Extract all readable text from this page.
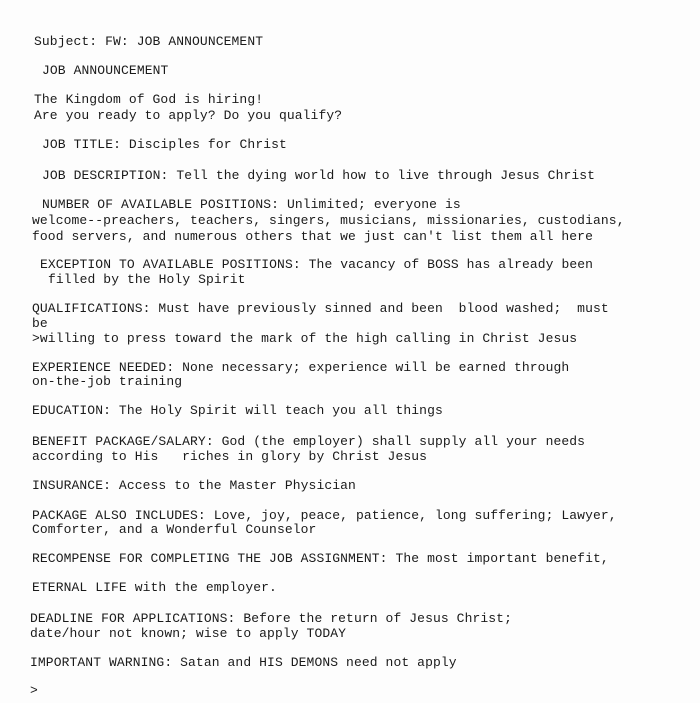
Subject: FW: JOB ANNOUNCEMENT
JOB ANNOUNCEMENT
The Kingdom of God is hiring!
Are you ready to apply? Do you qualify?
JOB TITLE: Disciples for Christ
JOB DESCRIPTION: Tell the dying world how to live through Jesus Christ
NUMBER OF AVAILABLE POSITIONS: Unlimited; everyone is
welcome--preachers, teachers, singers, musicians, missionaries, custodians,
food servers, and numerous others that we just can't list them all here
EXCEPTION TO AVAILABLE POSITIONS: The vacancy of BOSS has already been
filled by the Holy Spirit
QUALIFICATIONS: Must have previously sinned and been  blood washed;  must
be
>willing to press toward the mark of the high calling in Christ Jesus
EXPERIENCE NEEDED: None necessary; experience will be earned through
on-the-job training
EDUCATION: The Holy Spirit will teach you all things
BENEFIT PACKAGE/SALARY: God (the employer) shall supply all your needs
according to His   riches in glory by Christ Jesus
INSURANCE: Access to the Master Physician
PACKAGE ALSO INCLUDES: Love, joy, peace, patience, long suffering; Lawyer,
Comforter, and a Wonderful Counselor
RECOMPENSE FOR COMPLETING THE JOB ASSIGNMENT: The most important benefit,
ETERNAL LIFE with the employer.
DEADLINE FOR APPLICATIONS: Before the return of Jesus Christ;
date/hour not known; wise to apply TODAY
IMPORTANT WARNING: Satan and HIS DEMONS need not apply
>
